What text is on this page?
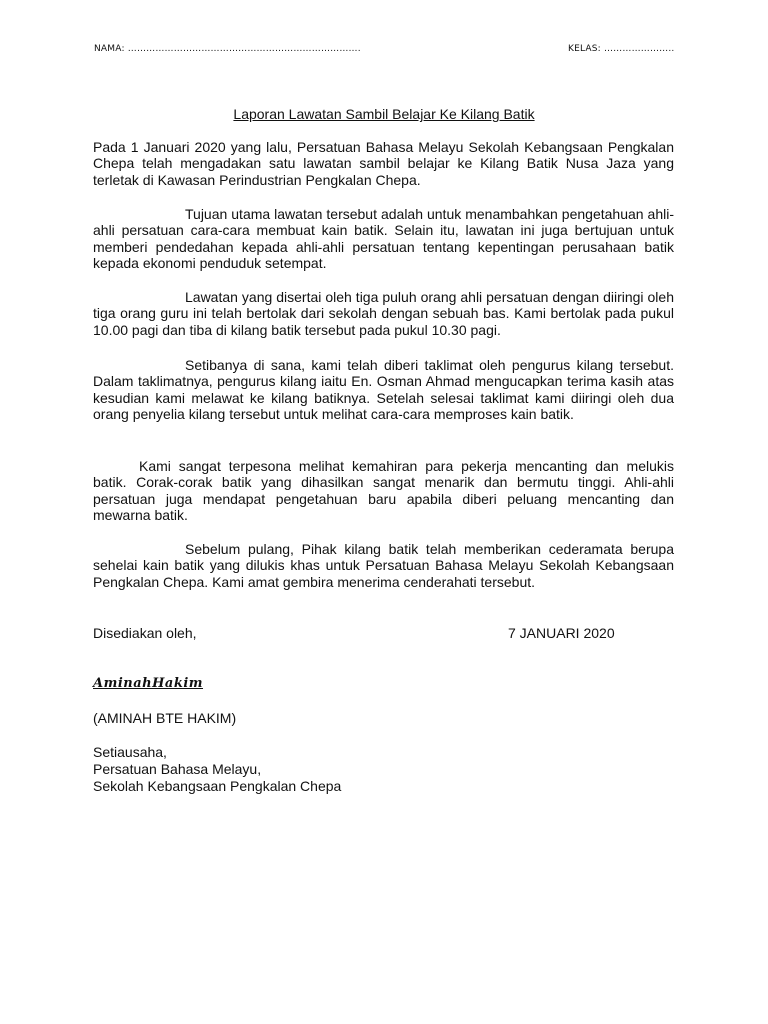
NAMA: ………………………………………………………………….	KELAS: …………………..
Laporan Lawatan Sambil Belajar Ke Kilang Batik

Pada 1 Januari 2020 yang lalu, Persatuan Bahasa Melayu Sekolah Kebangsaan Pengkalan Chepa telah mengadakan satu lawatan sambil belajar ke Kilang Batik Nusa Jaza yang terletak di Kawasan Perindustrian Pengkalan Chepa.

Tujuan utama lawatan tersebut adalah untuk menambahkan pengetahuan ahli-ahli persatuan cara-cara membuat kain batik. Selain itu, lawatan ini juga bertujuan untuk memberi pendedahan kepada ahli-ahli persatuan tentang kepentingan perusahaan batik kepada ekonomi penduduk setempat.

Lawatan yang disertai oleh tiga puluh orang ahli persatuan dengan diiringi oleh tiga orang guru ini telah bertolak dari sekolah dengan sebuah bas. Kami bertolak pada pukul 10.00 pagi dan tiba di kilang batik tersebut pada pukul 10.30 pagi.

Setibanya di sana, kami telah diberi taklimat oleh pengurus kilang tersebut. Dalam taklimatnya, pengurus kilang iaitu En. Osman Ahmad mengucapkan terima kasih atas kesudian kami melawat ke kilang batiknya. Setelah selesai taklimat kami diiringi oleh dua orang penyelia kilang tersebut untuk melihat cara-cara memproses kain batik.

Kami sangat terpesona melihat kemahiran para pekerja mencanting dan melukis batik. Corak-corak batik yang dihasilkan sangat menarik dan bermutu tinggi. Ahli-ahli persatuan juga mendapat pengetahuan baru apabila diberi peluang mencanting dan mewarna batik.

Sebelum pulang, Pihak kilang batik telah memberikan cederamata berupa sehelai kain batik yang dilukis khas untuk Persatuan Bahasa Melayu Sekolah Kebangsaan Pengkalan Chepa. Kami amat gembira menerima cenderahati tersebut.

Disediakan oleh,	7 JANUARI 2020
AminahHakim
(AMINAH BTE HAKIM)
Setiausaha,
Persatuan Bahasa Melayu,
Sekolah Kebangsaan Pengkalan Chepa
